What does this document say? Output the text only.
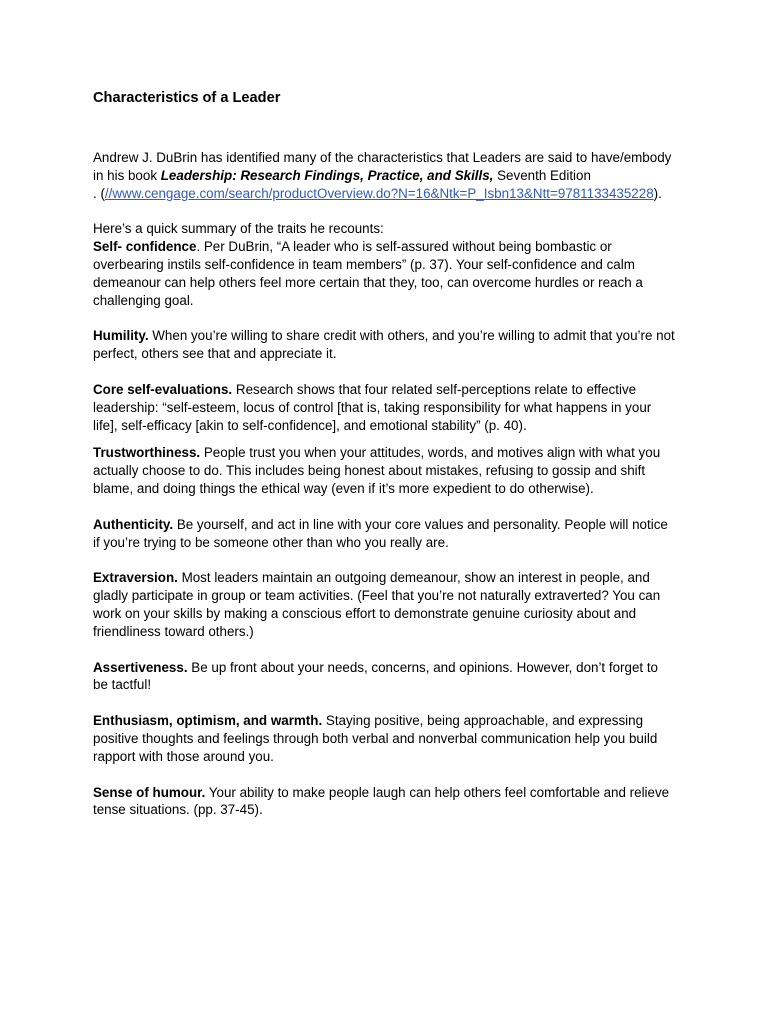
Characteristics of a Leader

Andrew J. DuBrin has identified many of the characteristics that Leaders are said to have/embody in his book Leadership: Research Findings, Practice, and Skills, Seventh Edition
. (//www.cengage.com/search/productOverview.do?N=16&Ntk=P_Isbn13&Ntt=9781133435228).

Here’s a quick summary of the traits he recounts:

Self- confidence. Per DuBrin, “A leader who is self-assured without being bombastic or overbearing instils self-confidence in team members” (p. 37). Your self-confidence and calm demeanour can help others feel more certain that they, too, can overcome hurdles or reach a challenging goal.

Humility. When you’re willing to share credit with others, and you’re willing to admit that you’re not perfect, others see that and appreciate it.

Core self-evaluations. Research shows that four related self-perceptions relate to effective leadership: “self-esteem, locus of control [that is, taking responsibility for what happens in your life], self-efficacy [akin to self-confidence], and emotional stability” (p. 40).

Trustworthiness. People trust you when your attitudes, words, and motives align with what you actually choose to do. This includes being honest about mistakes, refusing to gossip and shift blame, and doing things the ethical way (even if it’s more expedient to do otherwise).

Authenticity. Be yourself, and act in line with your core values and personality. People will notice if you’re trying to be someone other than who you really are.

Extraversion. Most leaders maintain an outgoing demeanour, show an interest in people, and gladly participate in group or team activities. (Feel that you’re not naturally extraverted? You can work on your skills by making a conscious effort to demonstrate genuine curiosity about and friendliness toward others.)

Assertiveness. Be up front about your needs, concerns, and opinions. However, don’t forget to be tactful!

Enthusiasm, optimism, and warmth. Staying positive, being approachable, and expressing positive thoughts and feelings through both verbal and nonverbal communication help you build rapport with those around you.

Sense of humour. Your ability to make people laugh can help others feel comfortable and relieve tense situations. (pp. 37-45).
